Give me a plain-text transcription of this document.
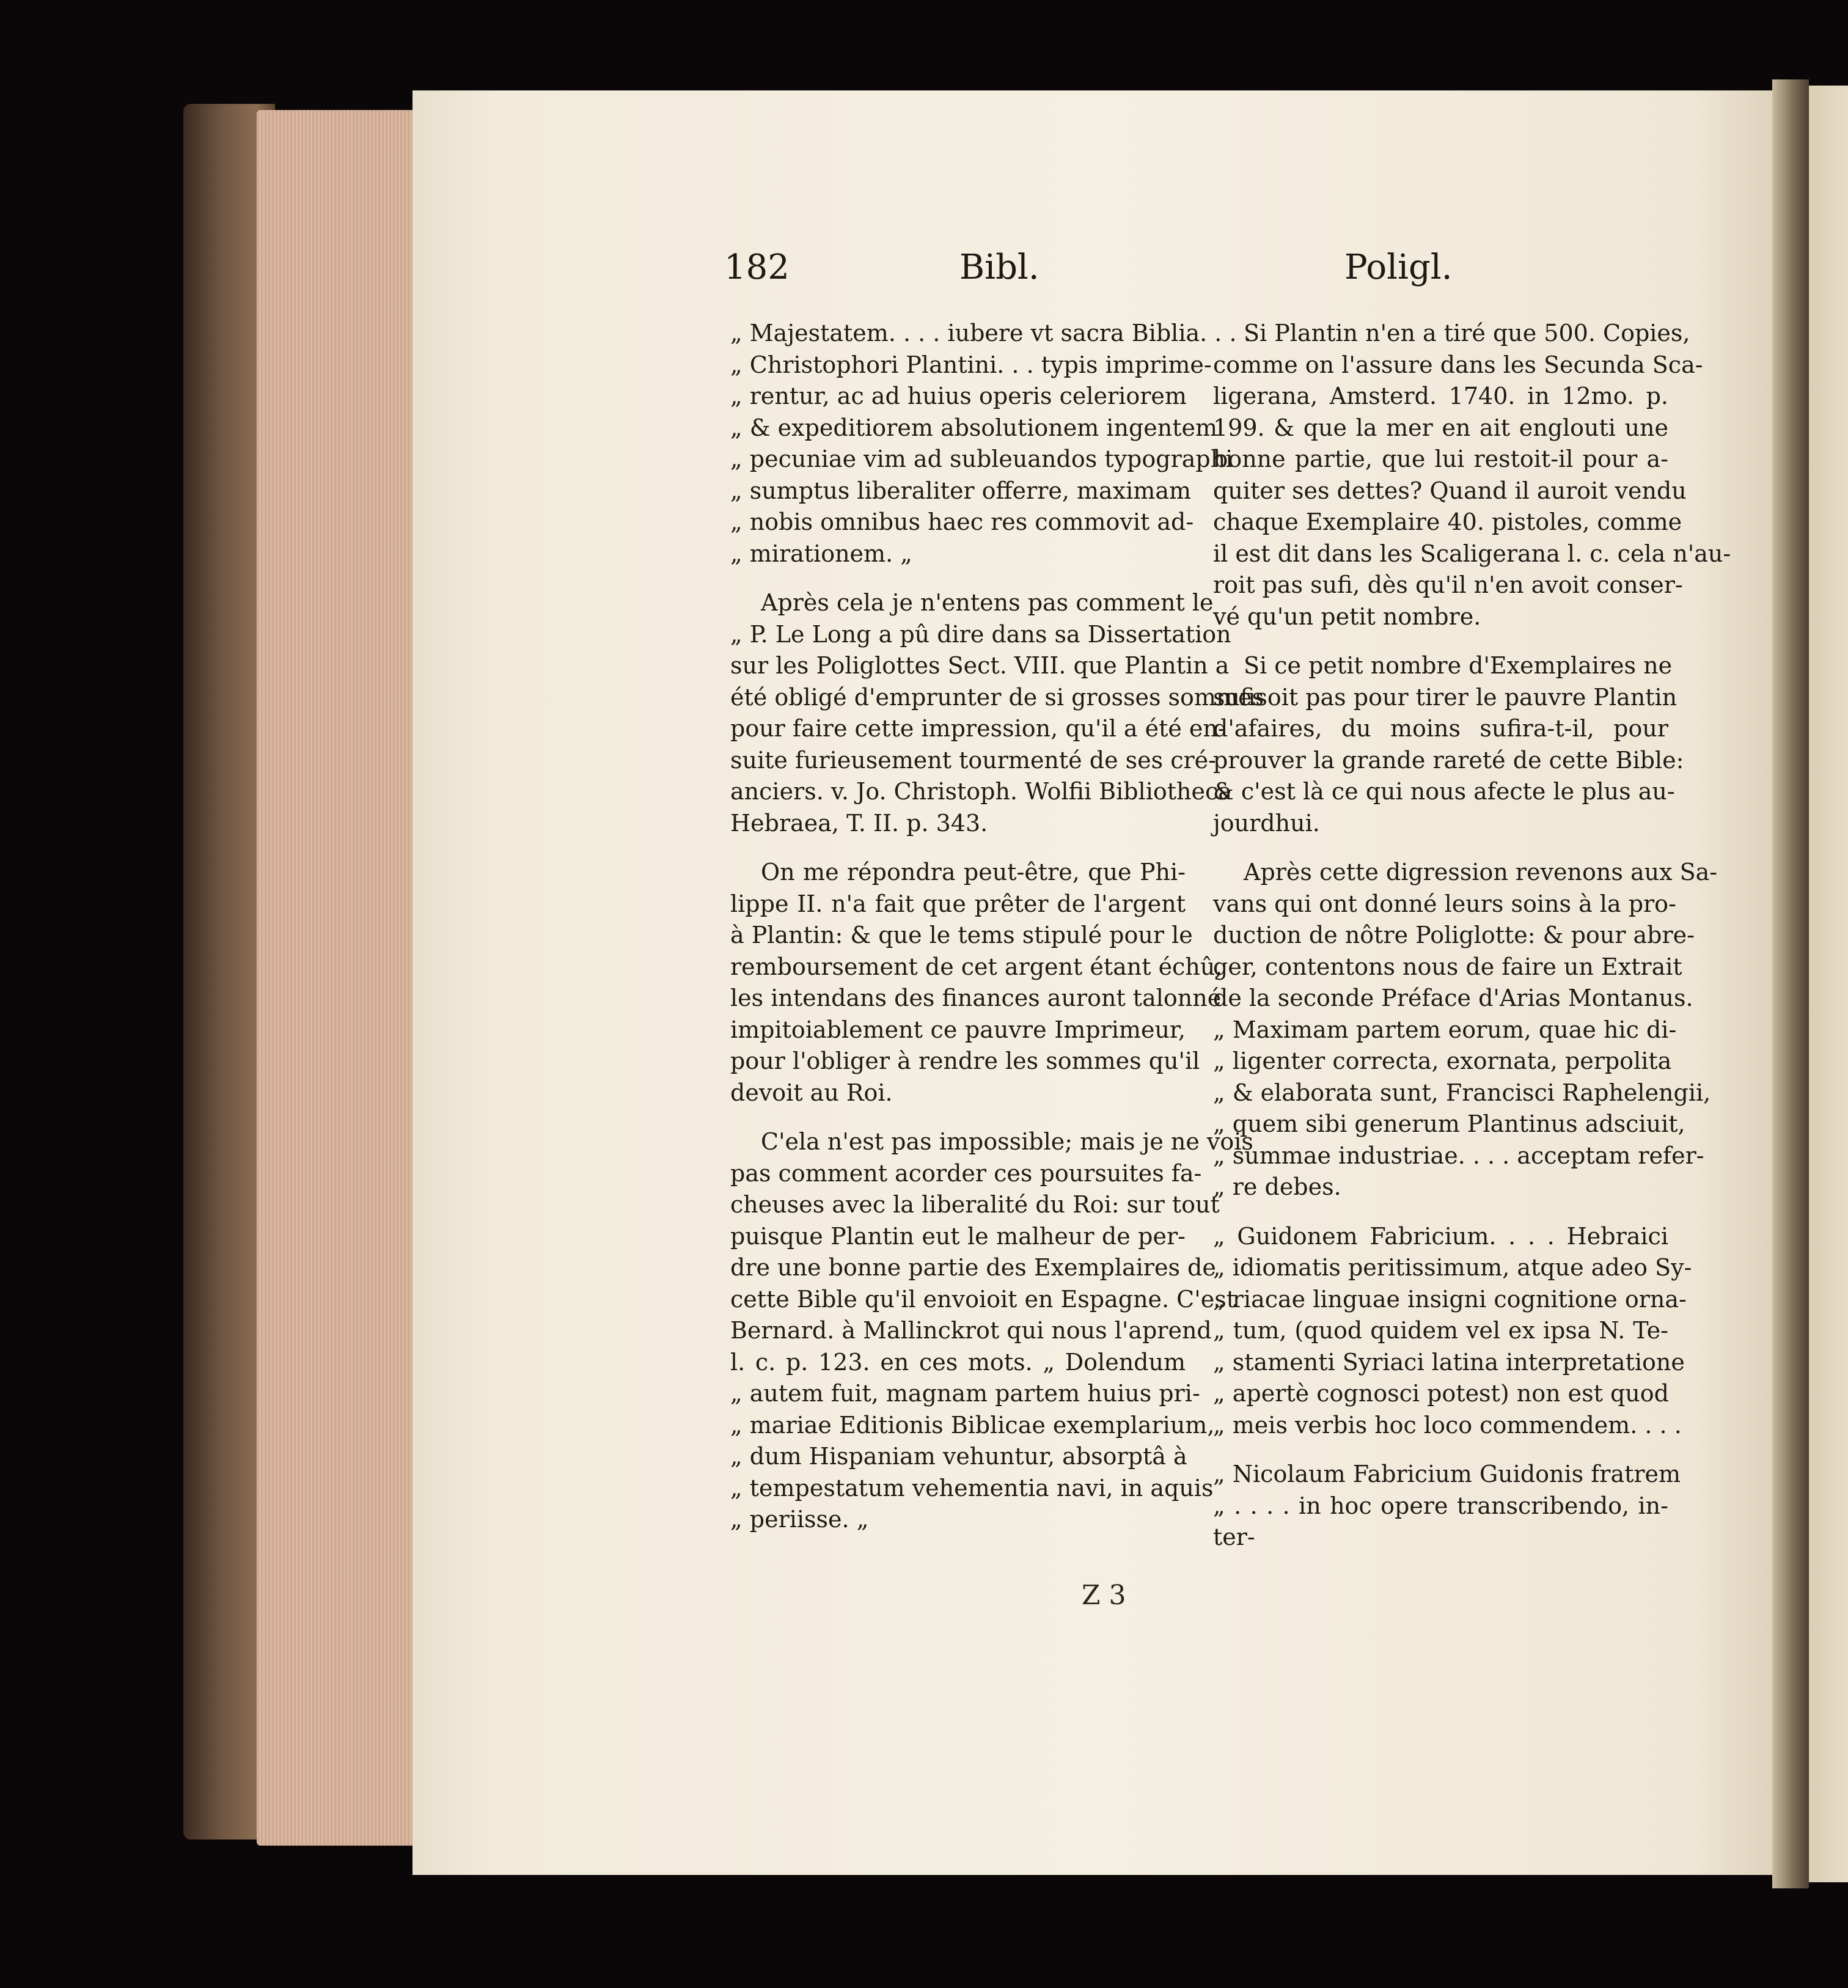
182	Bibl.	Poligl.
„ Majestatem. . . . iubere vt sacra Biblia. . . .
„ Christophori Plantini. . . typis imprime-
„ rentur, ac ad huius operis celeriorem
„ & expeditiorem absolutionem ingentem
„ pecuniae vim ad subleuandos typographi
„ sumptus liberaliter offerre, maximam
„ nobis omnibus haec res commovit ad-
„ mirationem. „
Après cela je n'entens pas comment le
„ P. Le Long a pû dire dans sa Dissertation
sur les Poliglottes Sect. VIII. que Plantin a
été obligé d'emprunter de si grosses sommes
pour faire cette impression, qu'il a été en-
suite furieusement tourmenté de ses cré-
anciers. v. Jo. Christoph. Wolfii Bibliotheca
Hebraea, T. II. p. 343.
On me répondra peut-être, que Phi-
lippe II. n'a fait que prêter de l'argent
à Plantin: & que le tems stipulé pour le
remboursement de cet argent étant échû,
les intendans des finances auront talonné
impitoiablement ce pauvre Imprimeur,
pour l'obliger à rendre les sommes qu'il
devoit au Roi.
C'ela n'est pas impossible; mais je ne vois
pas comment acorder ces poursuites fa-
cheuses avec la liberalité du Roi: sur tout
puisque Plantin eut le malheur de per-
dre une bonne partie des Exemplaires de
cette Bible qu'il envoioit en Espagne. C'est
Bernard. à Mallinckrot qui nous l'aprend
l. c. p. 123. en ces mots. „ Dolendum
„ autem fuit, magnam partem huius pri-
„ mariae Editionis Biblicae exemplarium,
„ dum Hispaniam vehuntur, absorptâ à
„ tempestatum vehementia navi, in aquis
„ periisse. „
Si Plantin n'en a tiré que 500. Copies,
comme on l'assure dans les Secunda Sca-
ligerana, Amsterd. 1740. in 12mo. p.
199. & que la mer en ait englouti une
bonne partie, que lui restoit-il pour a-
quiter ses dettes? Quand il auroit vendu
chaque Exemplaire 40. pistoles, comme
il est dit dans les Scaligerana l. c. cela n'au-
roit pas sufi, dès qu'il n'en avoit conser-
vé qu'un petit nombre.
Si ce petit nombre d'Exemplaires ne
sufisoit pas pour tirer le pauvre Plantin
d'afaires, du moins sufira-t-il, pour
prouver la grande rareté de cette Bible:
& c'est là ce qui nous afecte le plus au-
jourdhui.
Après cette digression revenons aux Sa-
vans qui ont donné leurs soins à la pro-
duction de nôtre Poliglotte: & pour abre-
ger, contentons nous de faire un Extrait
de la seconde Préface d'Arias Montanus.
„ Maximam partem eorum, quae hic di-
„ ligenter correcta, exornata, perpolita
„ & elaborata sunt, Francisci Raphelengii,
„ quem sibi generum Plantinus adsciuit,
„ summae industriae. . . . acceptam refer-
„ re debes.
„ Guidonem Fabricium. . . . Hebraici
„ idiomatis peritissimum, atque adeo Sy-
„ riacae linguae insigni cognitione orna-
„ tum, (quod quidem vel ex ipsa N. Te-
„ stamenti Syriaci latina interpretatione
„ apertè cognosci potest) non est quod
„ meis verbis hoc loco commendem. . . .
„ Nicolaum Fabricium Guidonis fratrem
„ . . . . in hoc opere transcribendo, in-
ter-
Z 3
